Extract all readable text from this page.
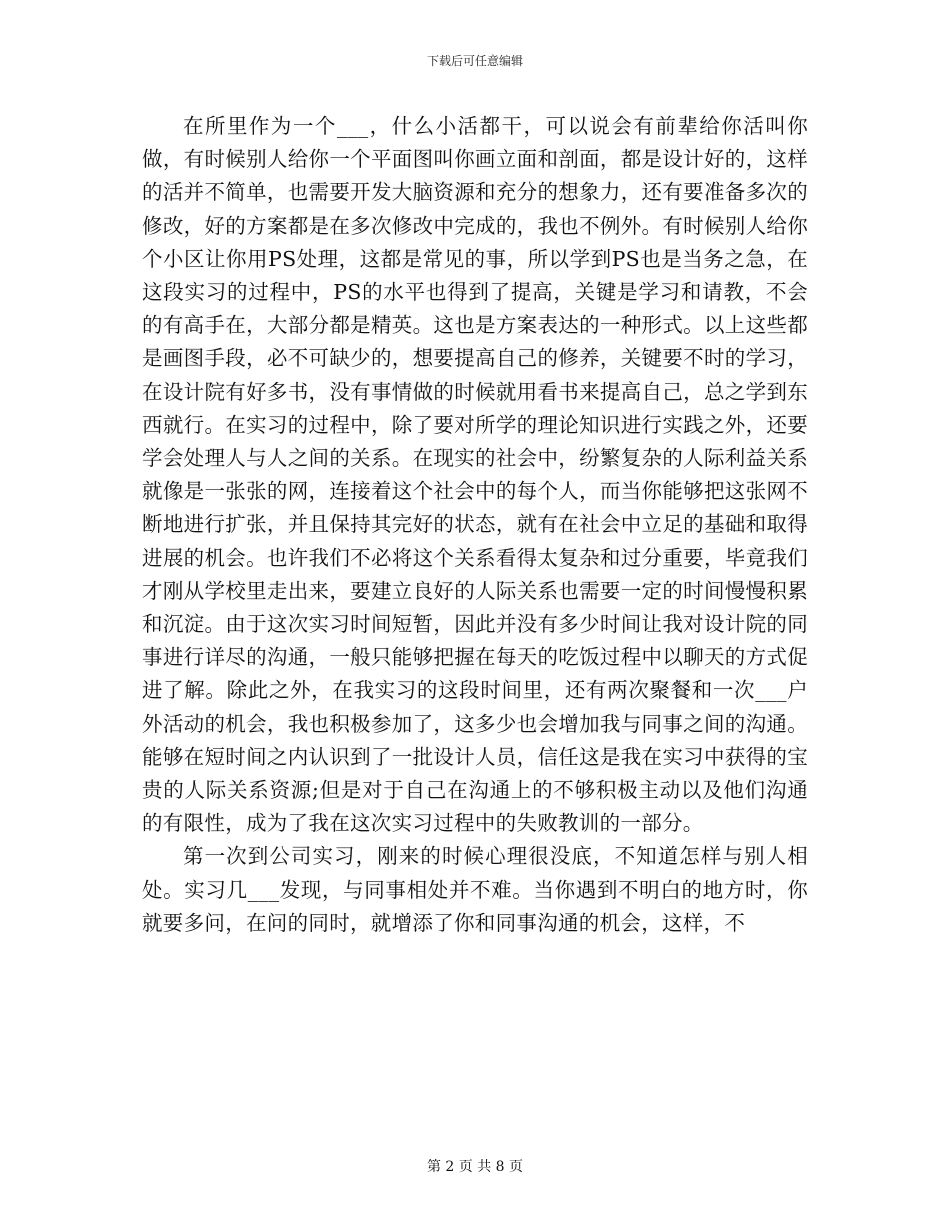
下载后可任意编辑

在所里作为一个___，什么小活都干，可以说会有前辈给你活叫你做，有时候别人给你一个平面图叫你画立面和剖面，都是设计好的，这样的活并不简单，也需要开发大脑资源和充分的想象力，还有要准备多次的修改，好的方案都是在多次修改中完成的，我也不例外。有时候别人给你个小区让你用PS处理，这都是常见的事，所以学到PS也是当务之急，在这段实习的过程中，PS的水平也得到了提高，关键是学习和请教，不会的有高手在，大部分都是精英。这也是方案表达的一种形式。以上这些都是画图手段，必不可缺少的，想要提高自己的修养，关键要不时的学习，在设计院有好多书，没有事情做的时候就用看书来提高自己，总之学到东西就行。在实习的过程中，除了要对所学的理论知识进行实践之外，还要学会处理人与人之间的关系。在现实的社会中，纷繁复杂的人际利益关系就像是一张张的网，连接着这个社会中的每个人，而当你能够把这张网不断地进行扩张，并且保持其完好的状态，就有在社会中立足的基础和取得进展的机会。也许我们不必将这个关系看得太复杂和过分重要，毕竟我们才刚从学校里走出来，要建立良好的人际关系也需要一定的时间慢慢积累和沉淀。由于这次实习时间短暂，因此并没有多少时间让我对设计院的同事进行详尽的沟通，一般只能够把握在每天的吃饭过程中以聊天的方式促进了解。除此之外，在我实习的这段时间里，还有两次聚餐和一次___户外活动的机会，我也积极参加了，这多少也会增加我与同事之间的沟通。能够在短时间之内认识到了一批设计人员，信任这是我在实习中获得的宝贵的人际关系资源;但是对于自己在沟通上的不够积极主动以及他们沟通的有限性，成为了我在这次实习过程中的失败教训的一部分。

第一次到公司实习，刚来的时候心理很没底，不知道怎样与别人相处。实习几___发现，与同事相处并不难。当你遇到不明白的地方时，你就要多问，在问的同时，就增添了你和同事沟通的机会，这样，不

第 2 页 共 8 页
